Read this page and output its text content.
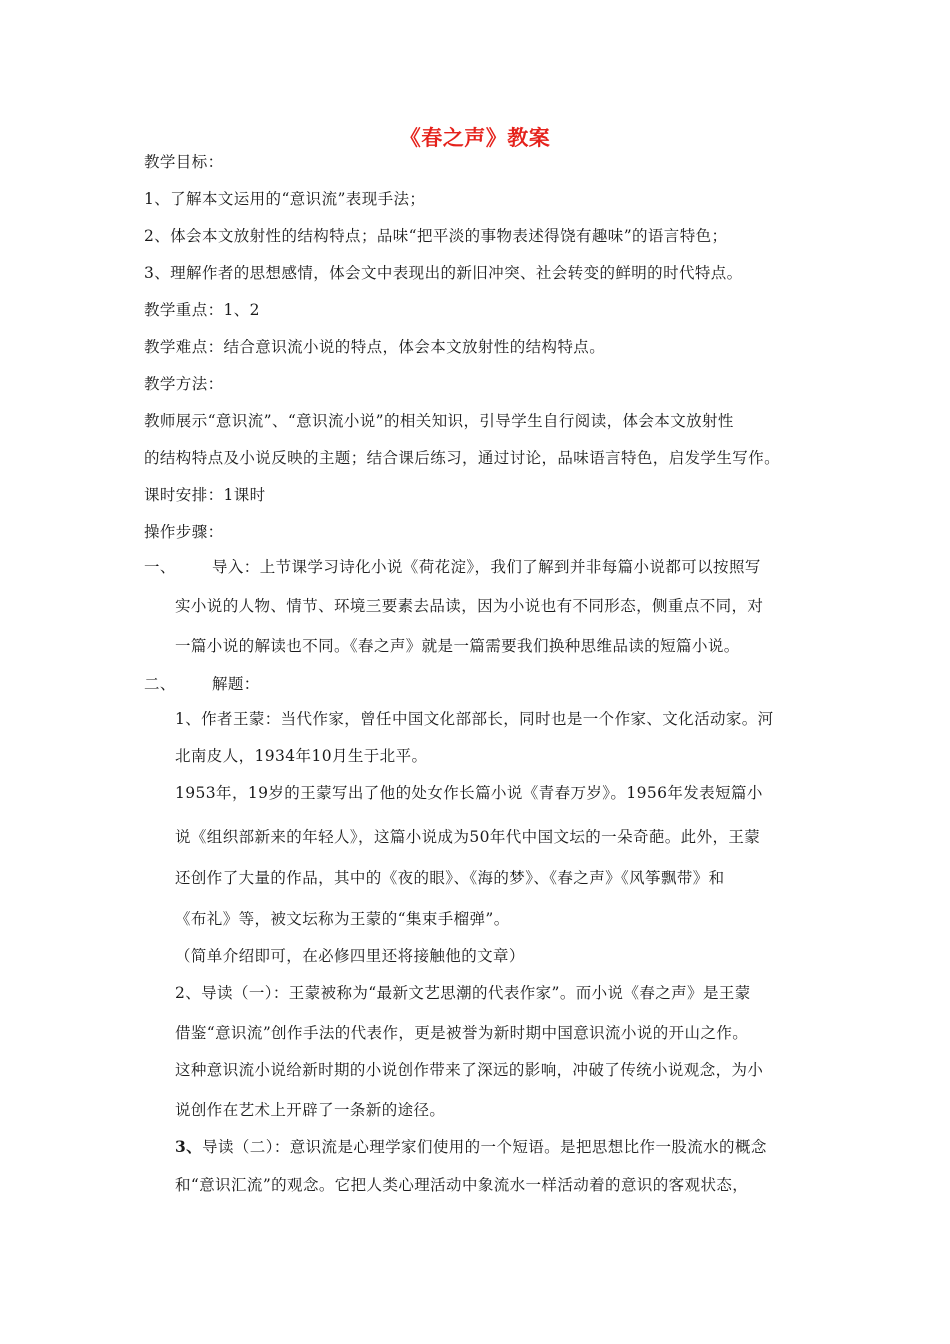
《春之声》教案
教学目标：
1、了解本文运用的“意识流”表现手法；
2、体会本文放射性的结构特点；品味“把平淡的事物表述得饶有趣味”的语言特色；
3、理解作者的思想感情，体会文中表现出的新旧冲突、社会转变的鲜明的时代特点。
教学重点：1、2
教学难点：结合意识流小说的特点，体会本文放射性的结构特点。
教学方法：
教师展示“意识流”、“意识流小说”的相关知识，引导学生自行阅读，体会本文放射性
的结构特点及小说反映的主题；结合课后练习，通过讨论，品味语言特色，启发学生写作。
课时安排：1课时
操作步骤：
一、 导入：上节课学习诗化小说《荷花淀》，我们了解到并非每篇小说都可以按照写
实小说的人物、情节、环境三要素去品读，因为小说也有不同形态，侧重点不同，对
一篇小说的解读也不同。《春之声》就是一篇需要我们换种思维品读的短篇小说。
二、 解题：
1、作者王蒙：当代作家，曾任中国文化部部长，同时也是一个作家、文化活动家。河
北南皮人，1934年10月生于北平。
1953年，19岁的王蒙写出了他的处女作长篇小说《青春万岁》。1956年发表短篇小
说《组织部新来的年轻人》，这篇小说成为50年代中国文坛的一朵奇葩。此外，王蒙
还创作了大量的作品，其中的《夜的眼》、《海的梦》、《春之声》《风筝飘带》和
《布礼》等，被文坛称为王蒙的“集束手榴弹”。
（简单介绍即可，在必修四里还将接触他的文章）
2、导读（一）：王蒙被称为“最新文艺思潮的代表作家”。而小说《春之声》是王蒙
借鉴“意识流”创作手法的代表作，更是被誉为新时期中国意识流小说的开山之作。
这种意识流小说给新时期的小说创作带来了深远的影响，冲破了传统小说观念，为小
说创作在艺术上开辟了一条新的途径。
3、导读（二）：意识流是心理学家们使用的一个短语。是把思想比作一股流水的概念
和“意识汇流”的观念。它把人类心理活动中象流水一样活动着的意识的客观状态，
